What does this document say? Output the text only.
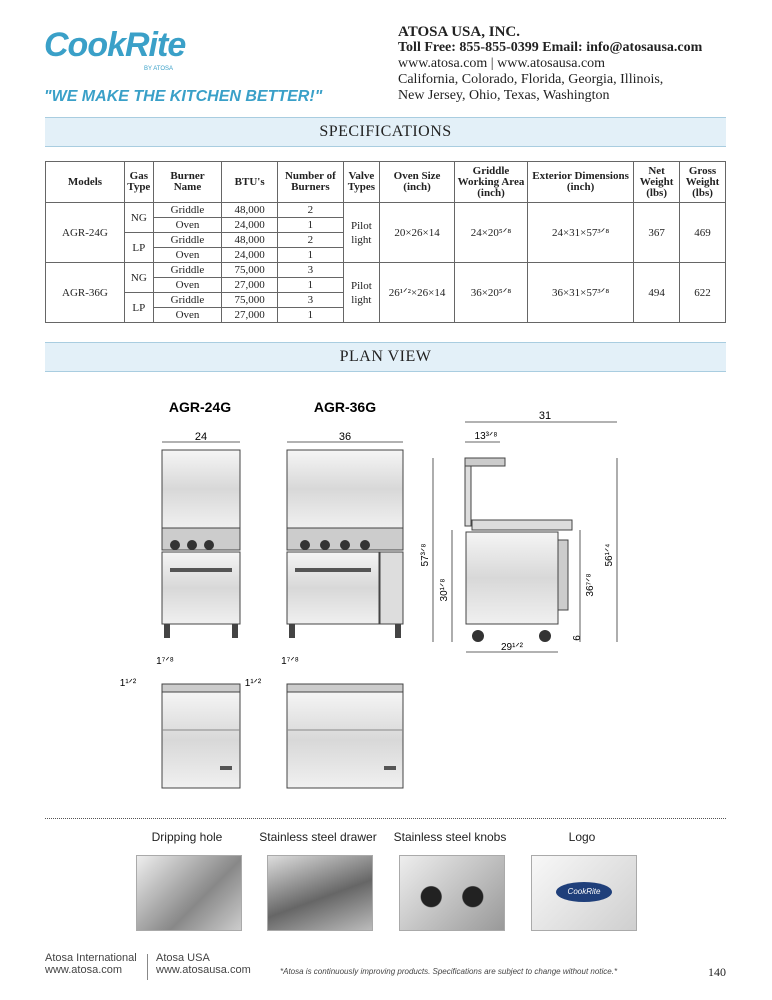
CookRite
BY ATOSA
"WE MAKE THE KITCHEN BETTER!"
ATOSA USA, INC.
Toll Free: 855-855-0399 Email: info@atosausa.com
www.atosa.com | www.atosausa.com
California, Colorado, Florida, Georgia, Illinois,
New Jersey, Ohio, Texas, Washington
SPECIFICATIONS
Models	Gas Type	Burner Name	BTU's	Number of Burners	Valve Types	Oven Size (inch)	Griddle Working Area (inch)	Exterior Dimensions (inch)	Net Weight (lbs)	Gross Weight (lbs)
AGR-24G	NG	Griddle	48,000	2	Pilot light	20×26×14	24×20⁵ᐟ⁸	24×31×57³ᐟ⁸	367	469
		Oven	24,000	1						
	LP	Griddle	48,000	2						
		Oven	24,000	1						
AGR-36G	NG	Griddle	75,000	3	Pilot light	26¹ᐟ²×26×14	36×20⁵ᐟ⁸	36×31×57³ᐟ⁸	494	622
		Oven	27,000	1						
	LP	Griddle	75,000	3						
		Oven	27,000	1						
PLAN VIEW
AGR-24G	AGR-36G
24	36
31
13³ᐟ⁸
57³ᐟ⁸
30¹ᐟ⁸	36⁷ᐟ⁸
56¹ᐟ⁴
29¹ᐟ²
6
1⁷ᐟ⁸
1¹ᐟ²
1⁷ᐟ⁸
1¹ᐟ²
Dripping hole	Stainless steel drawer	Stainless steel knobs	Logo
CookRite
Atosa International
www.atosa.com
Atosa USA
www.atosausa.com	*Atosa is continuously improving products. Specifications are subject to change without notice.*	140
